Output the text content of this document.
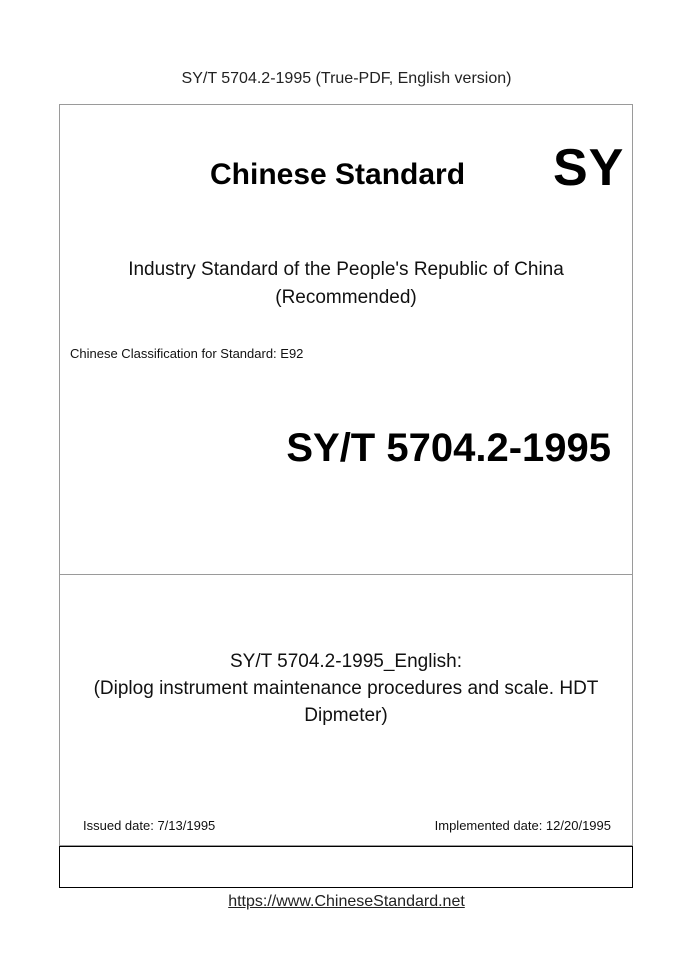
SY/T 5704.2-1995 (True-PDF, English version)
Chinese Standard SY
Industry Standard of the People's Republic of China
(Recommended)
Chinese Classification for Standard: E92
SY/T 5704.2-1995
SY/T 5704.2-1995_English:
(Diplog instrument maintenance procedures and scale. HDT
Dipmeter)
Issued date: 7/13/1995	Implemented date: 12/20/1995
https://www.ChineseStandard.net
